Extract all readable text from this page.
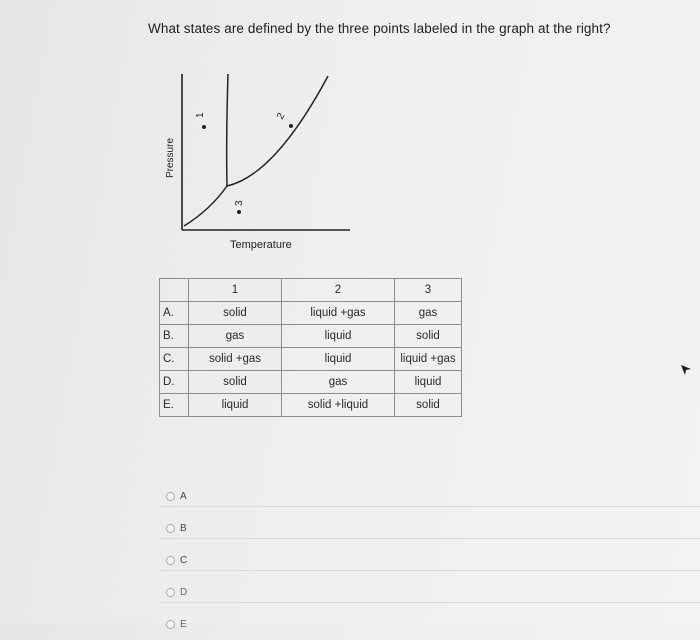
What states are defined by the three points labeled in the graph at the right?
Pressure
Temperature
1	2
3
	1	2	3
A.	solid	liquid +gas	gas
B.	gas	liquid	solid
C.	solid +gas	liquid	liquid +gas
D.	solid	gas	liquid
E.	liquid	solid +liquid	solid
A
B
C
D
E
